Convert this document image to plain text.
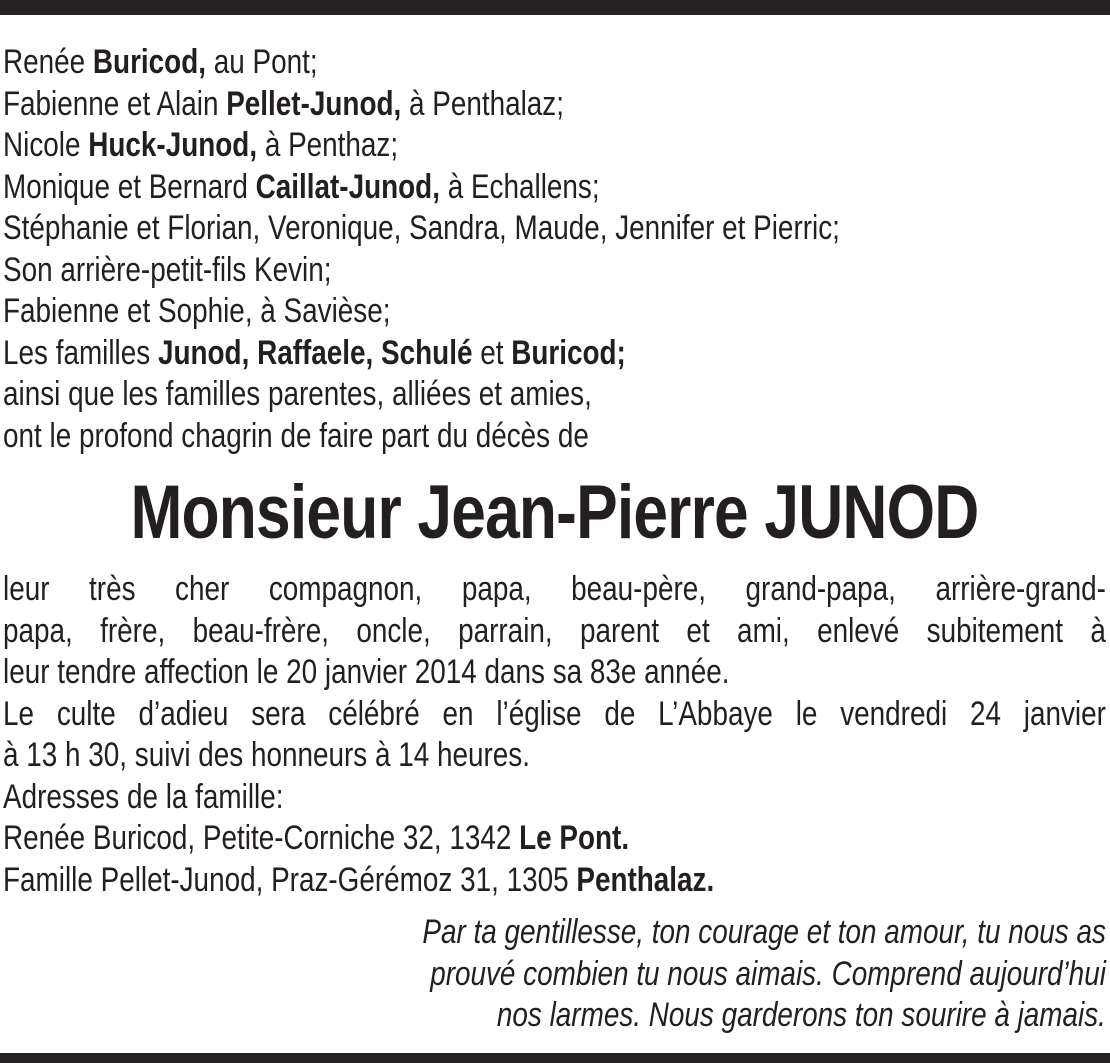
Renée Buricod, au Pont;
Fabienne et Alain Pellet-Junod, à Penthalaz;
Nicole Huck-Junod, à Penthaz;
Monique et Bernard Caillat-Junod, à Echallens;
Stéphanie et Florian, Veronique, Sandra, Maude, Jennifer et Pierric;
Son arrière-petit-fils Kevin;
Fabienne et Sophie, à Savièse;
Les familles Junod, Raffaele, Schulé et Buricod;
ainsi que les familles parentes, alliées et amies,
ont le profond chagrin de faire part du décès de
Monsieur Jean-Pierre JUNOD
leur très cher compagnon, papa, beau-père, grand-papa, arrière-grand-
papa, frère, beau-frère, oncle, parrain, parent et ami, enlevé subitement à
leur tendre affection le 20 janvier 2014 dans sa 83e année.
Le culte d’adieu sera célébré en l’église de L’Abbaye le vendredi 24 janvier
à 13 h 30, suivi des honneurs à 14 heures.
Adresses de la famille:
Renée Buricod, Petite-Corniche 32, 1342 Le Pont.
Famille Pellet-Junod, Praz-Gérémoz 31, 1305 Penthalaz.
Par ta gentillesse, ton courage et ton amour, tu nous as
prouvé combien tu nous aimais. Comprend aujourd’hui
nos larmes. Nous garderons ton sourire à jamais.
